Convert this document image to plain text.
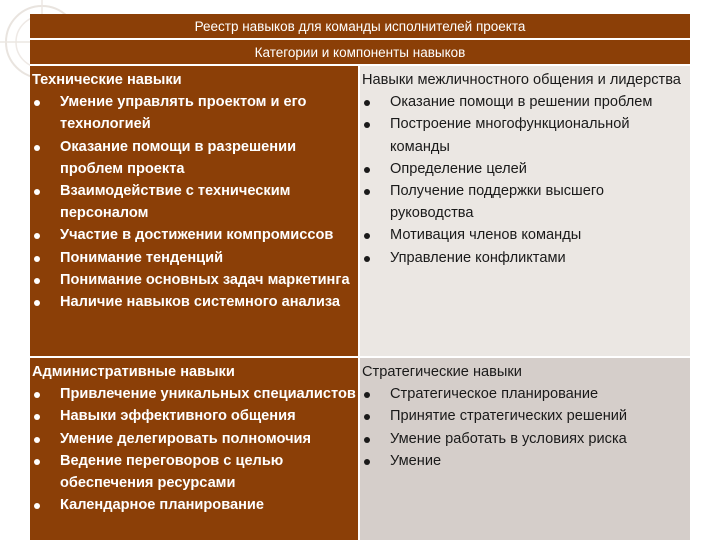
Реестр навыков для команды исполнителей проекта
Категории и компоненты навыков
Технические навыки
Умение управлять проектом и его технологией
Оказание помощи в разрешении проблем проекта
Взаимодействие с техническим персоналом
Участие в достижении компромиссов
Понимание тенденций
Понимание основных задач маркетинга
Наличие навыков системного анализа
Навыки межличностного общения и лидерства
Оказание помощи в решении проблем
Построение многофункциональной команды
Определение целей
Получение поддержки высшего руководства
Мотивация членов команды
Управление конфликтами
Административные навыки
Привлечение уникальных специалистов
Навыки эффективного общения
Умение делегировать полномочия
Ведение переговоров с целью обеспечения ресурсами
Календарное планирование
Стратегические навыки
Стратегическое планирование
Принятие стратегических решений
Умение работать в условиях риска
Умение
